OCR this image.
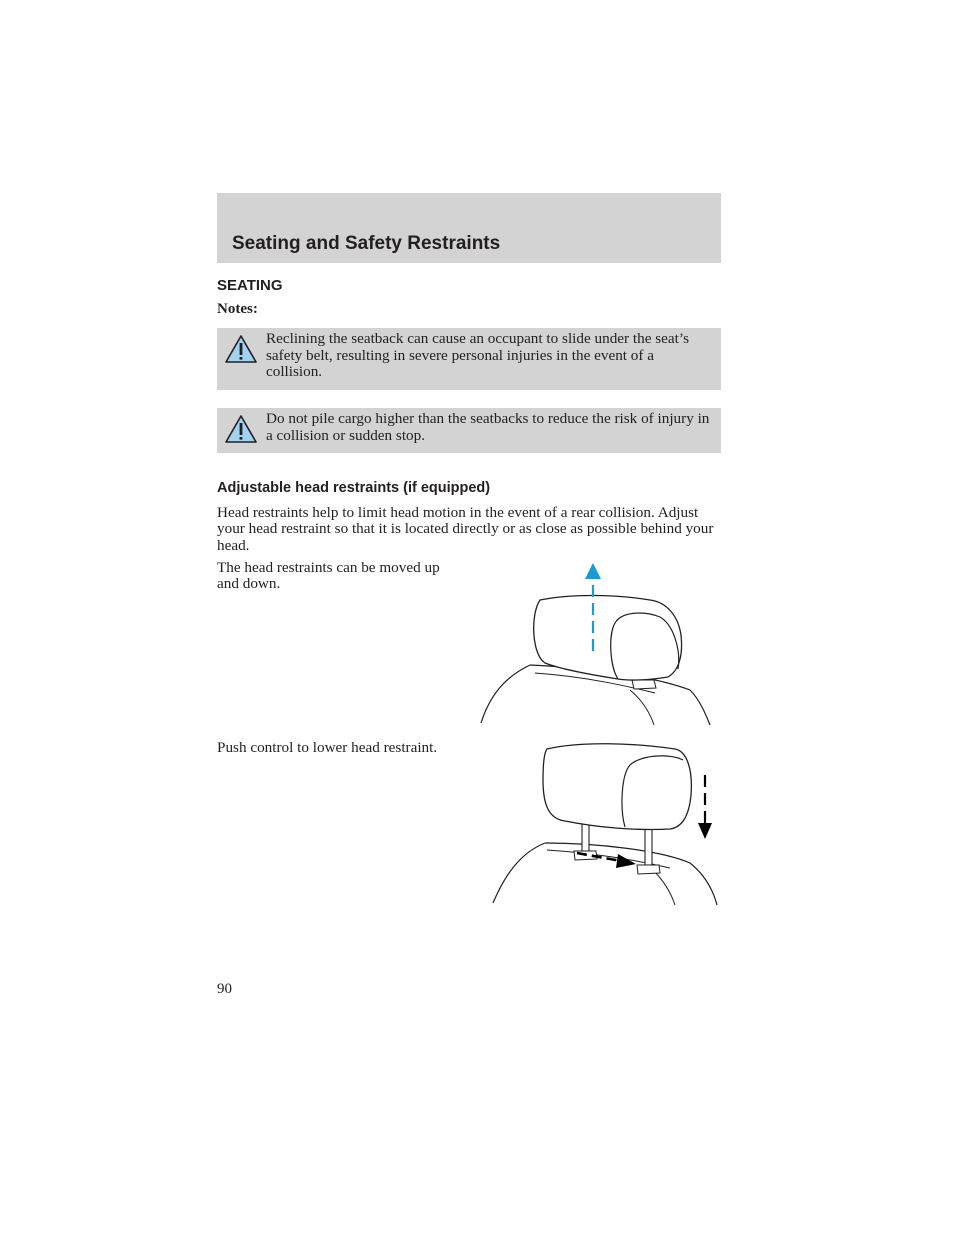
Seating and Safety Restraints
SEATING
Notes:
Reclining the seatback can cause an occupant to slide under the seat’s safety belt, resulting in severe personal injuries in the event of a collision.
Do not pile cargo higher than the seatbacks to reduce the risk of injury in a collision or sudden stop.
Adjustable head restraints (if equipped)
Head restraints help to limit head motion in the event of a rear collision. Adjust your head restraint so that it is located directly or as close as possible behind your head.
The head restraints can be moved up and down.
Push control to lower head restraint.
90
